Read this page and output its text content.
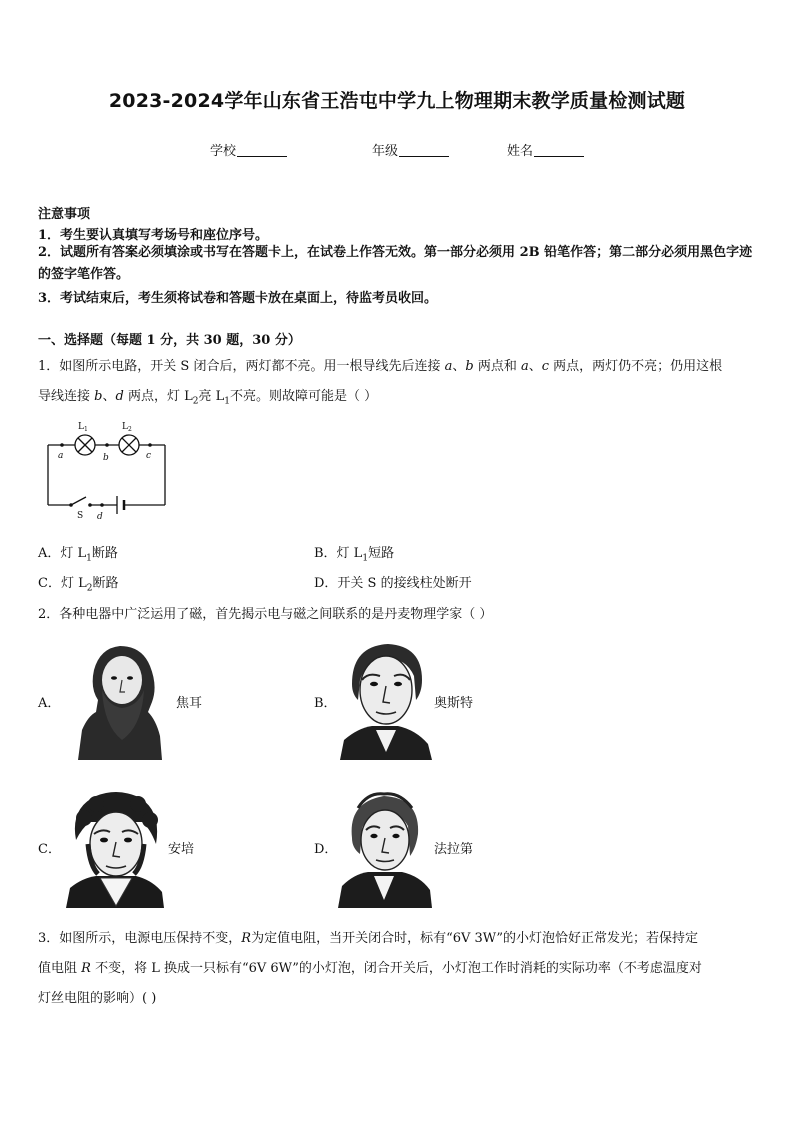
2023-2024学年山东省王浩屯中学九上物理期末教学质量检测试题
学校	年级	姓名
注意事项
1．考生要认真填写考场号和座位序号。
2．试题所有答案必须填涂或书写在答题卡上，在试卷上作答无效。第一部分必须用 2B 铅笔作答；第二部分必须用黑色字迹的签字笔作答。
3．考试结束后，考生须将试卷和答题卡放在桌面上，待监考员收回。
一、选择题（每题 1 分，共 30 题，30 分）
1．如图所示电路，开关 S 闭合后，两灯都不亮。用一根导线先后连接 a、b 两点和 a、c 两点，两灯仍不亮；仍用这根
导线连接 b、d 两点，灯 $L_2$亮 $L_1$不亮。则故障可能是（ ）
$L_1$	$L_2$
a	b	c
S d
A．灯 $L_1$断路	B．灯 $L_1$短路
C．灯 $L_2$断路	D．开关 S 的接线柱处断开
2．各种电器中广泛运用了磁，首先揭示电与磁之间联系的是丹麦物理学家（ ）
A．	焦耳	B．	奥斯特
C．	安培	D．	法拉第
3．如图所示，电源电压保持不变，R为定值电阻，当开关闭合时，标有“6V 3W”的小灯泡恰好正常发光；若保持定
值电阻 R 不变，将 L 换成一只标有“6V 6W”的小灯泡，闭合开关后，小灯泡工作时消耗的实际功率（不考虑温度对
灯丝电阻的影响）( )
